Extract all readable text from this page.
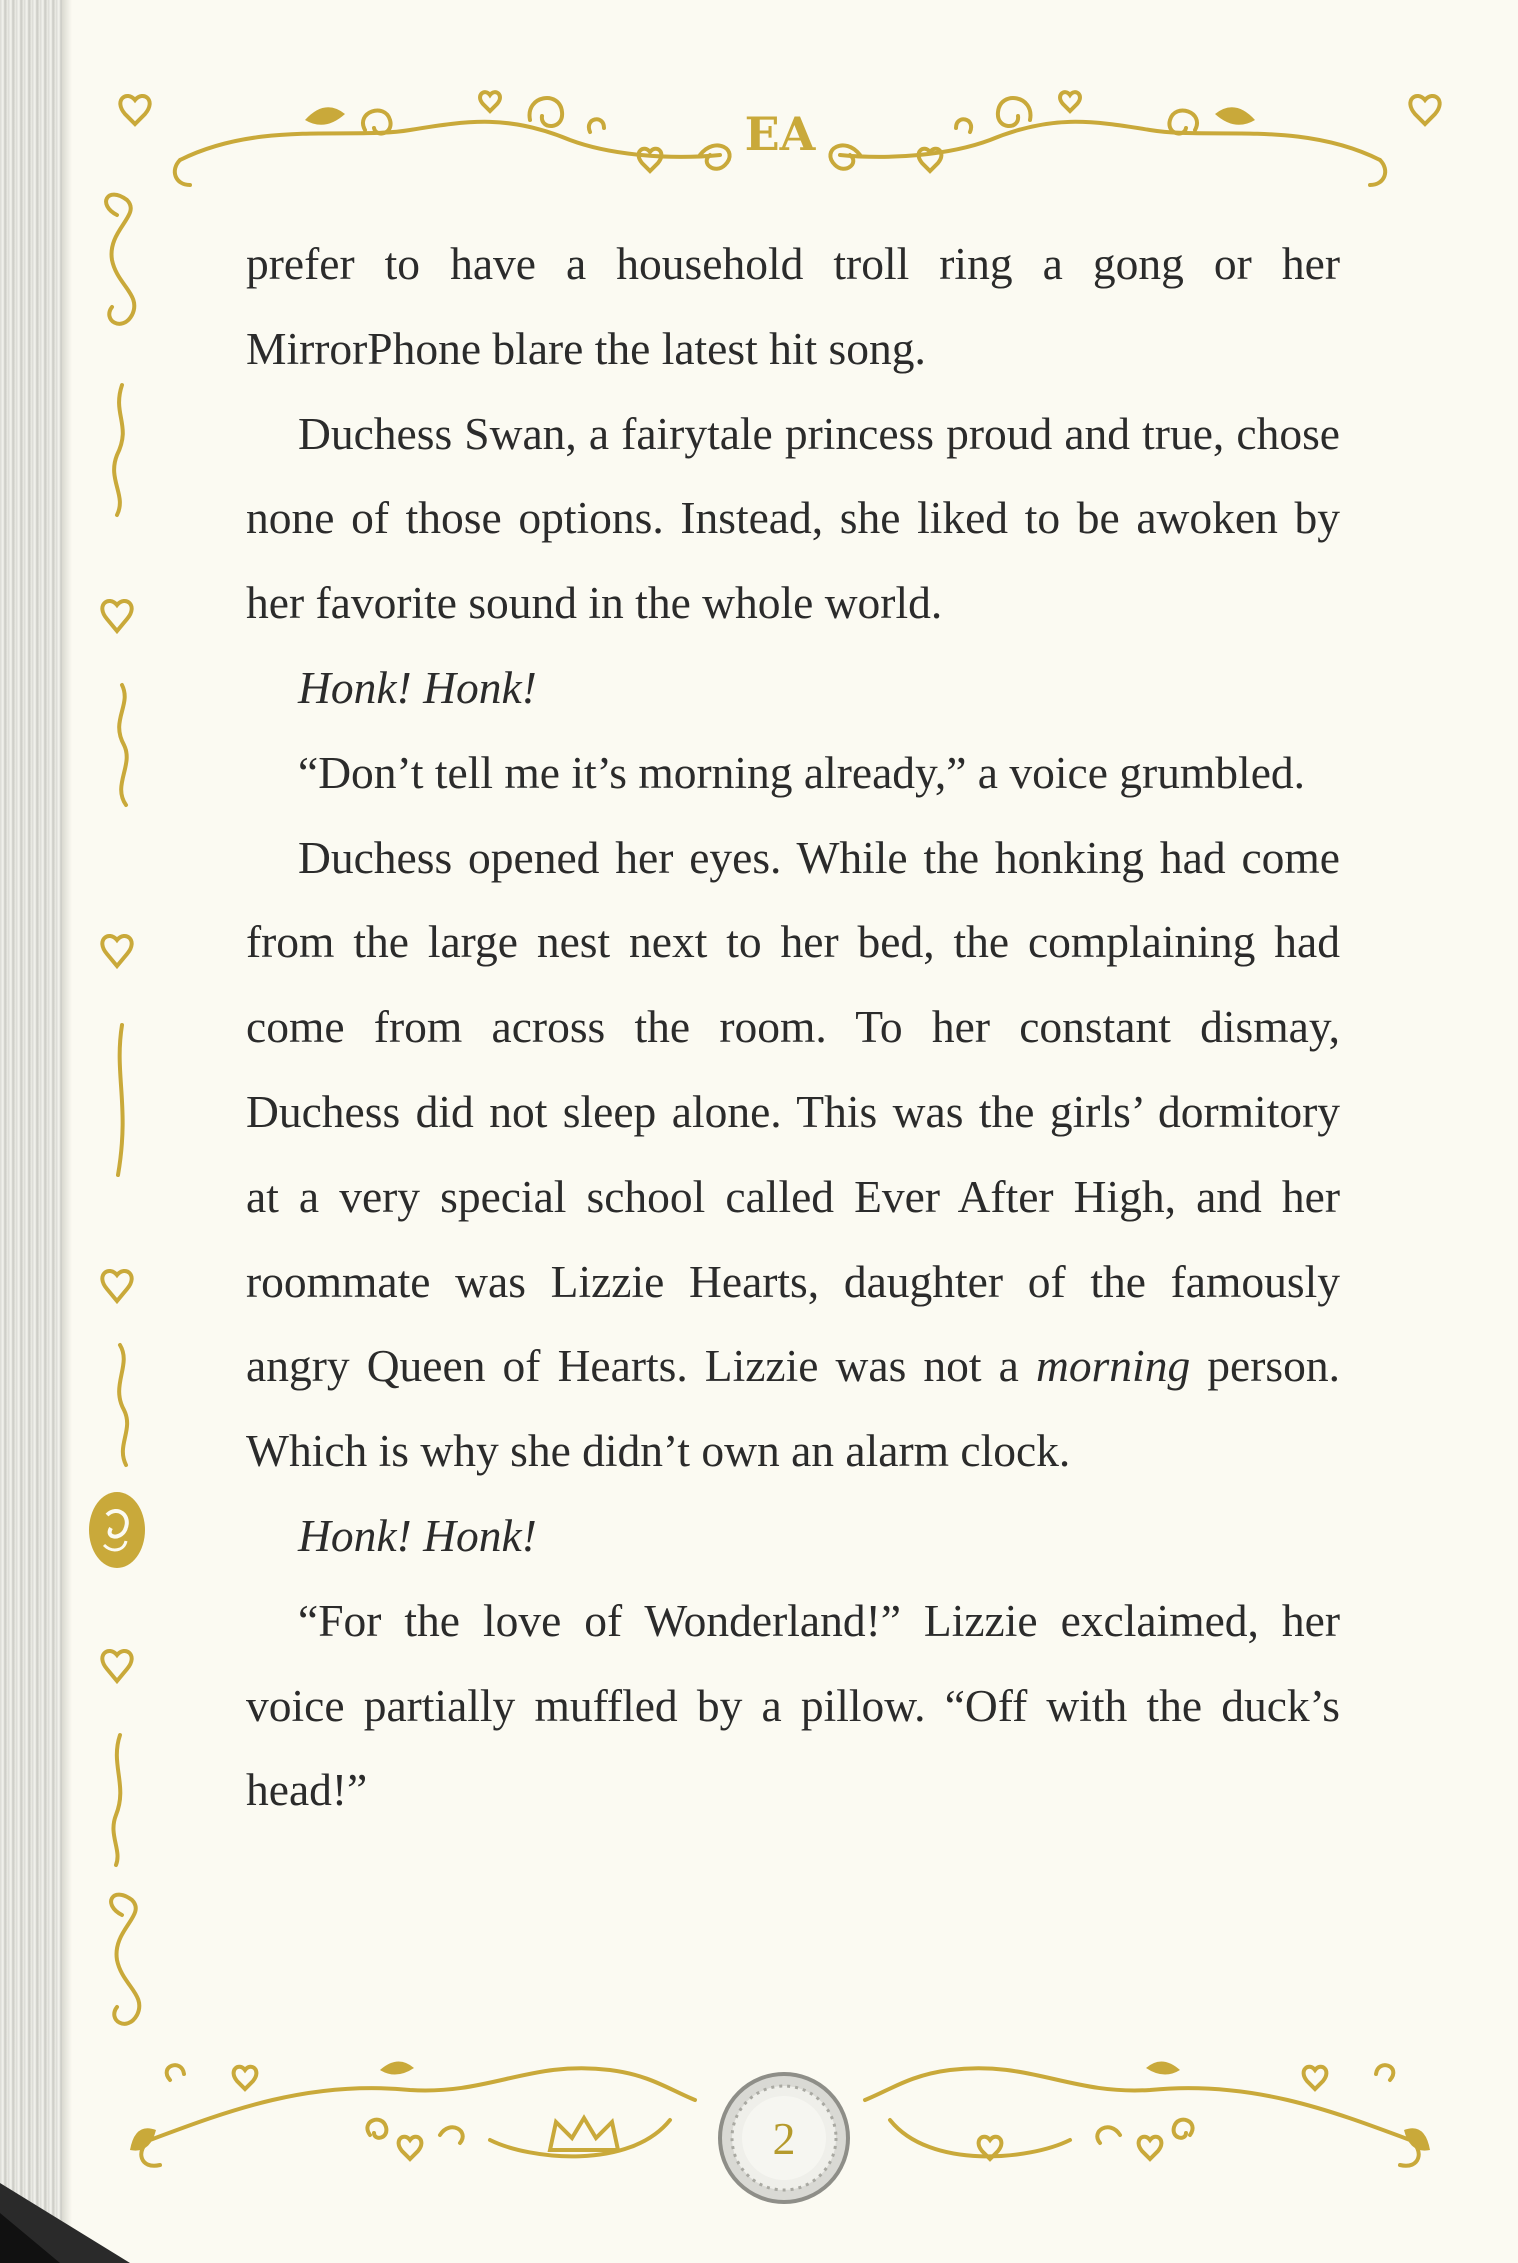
EA
2

prefer to have a household troll ring a gong or her MirrorPhone blare the latest hit song.

Duchess Swan, a fairytale princess proud and true, chose none of those options. Instead, she liked to be awoken by her favorite sound in the whole world.

Honk! Honk!

“Don’t tell me it’s morning already,” a voice grumbled.

Duchess opened her eyes. While the honking had come from the large nest next to her bed, the complaining had come from across the room. To her constant dismay, Duchess did not sleep alone. This was the girls’ dormitory at a very special school called Ever After High, and her roommate was Lizzie Hearts, daughter of the famously angry Queen of Hearts. Lizzie was not a morning person. Which is why she didn’t own an alarm clock.

Honk! Honk!

“For the love of Wonderland!” Lizzie exclaimed, her voice partially muffled by a pillow. “Off with the duck’s head!”
